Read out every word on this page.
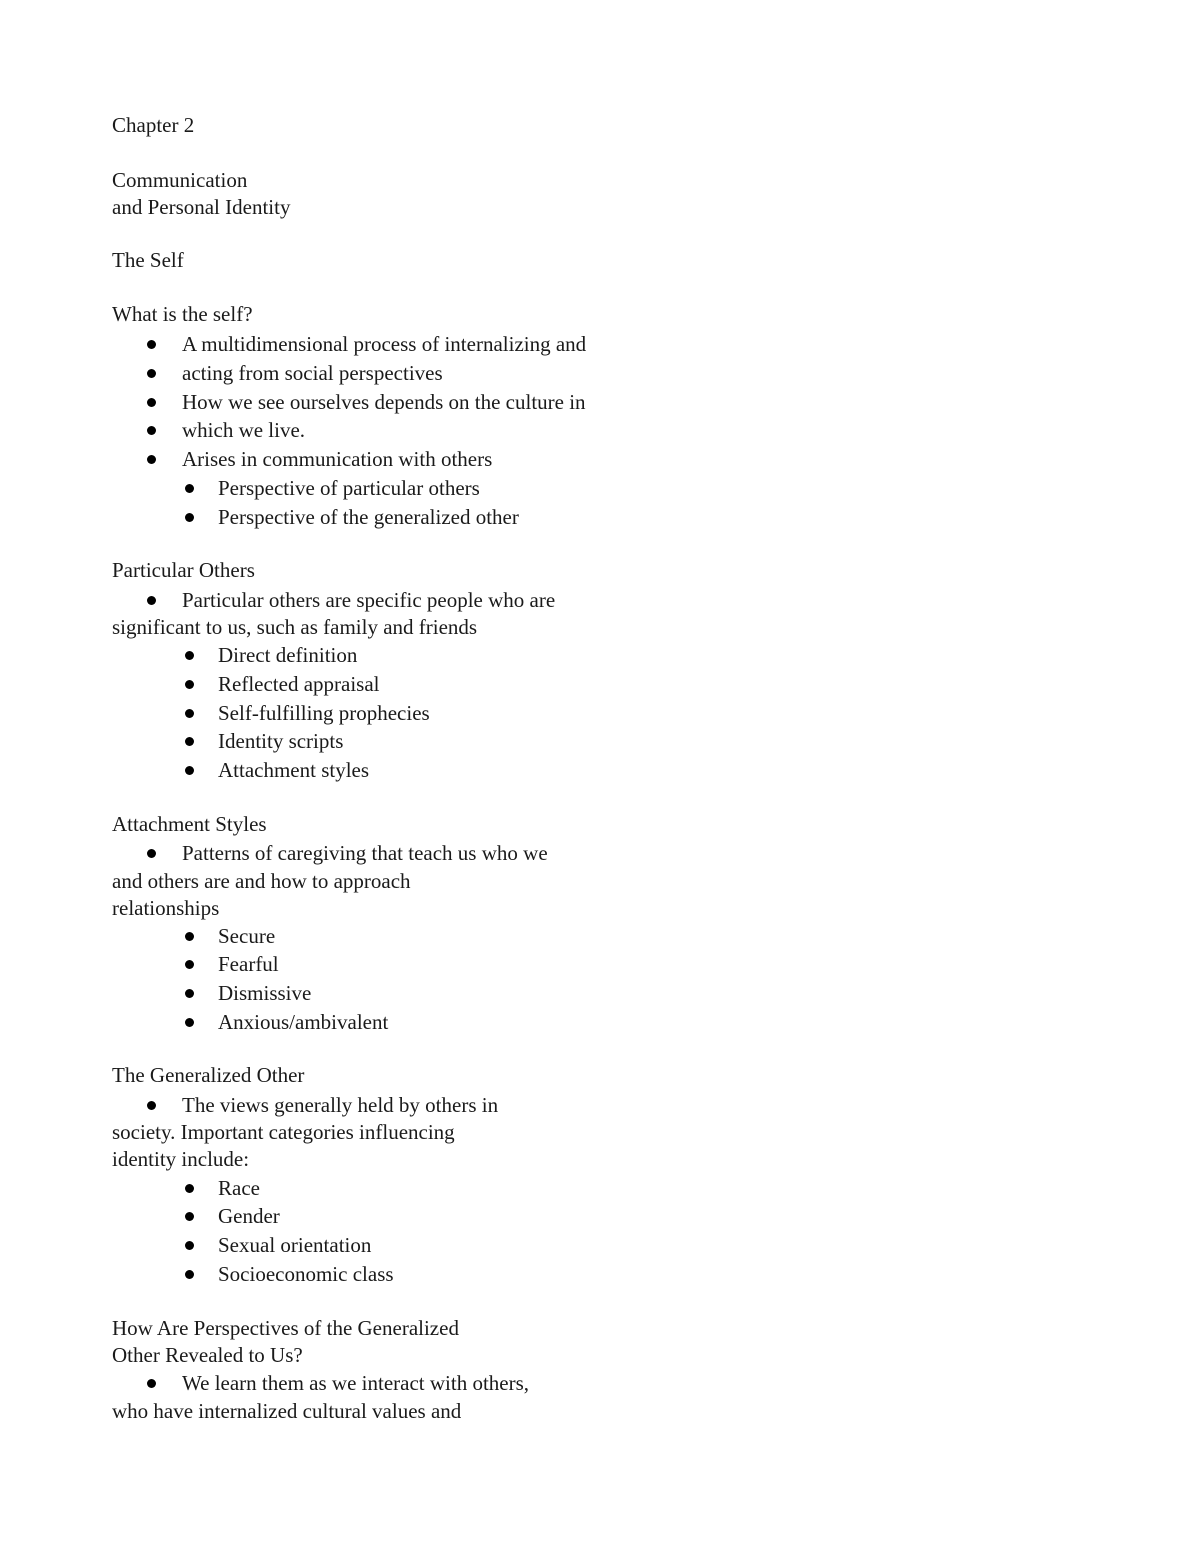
Chapter 2
Communication
and Personal Identity
The Self
What is the self?
A multidimensional process of internalizing and
acting from social perspectives
How we see ourselves depends on the culture in
which we live.
Arises in communication with others
Perspective of particular others
Perspective of the generalized other
Particular Others
Particular others are specific people who are
significant to us, such as family and friends
Direct definition
Reflected appraisal
Self-fulfilling prophecies
Identity scripts
Attachment styles
Attachment Styles
Patterns of caregiving that teach us who we
and others are and how to approach
relationships
Secure
Fearful
Dismissive
Anxious/ambivalent
The Generalized Other
The views generally held by others in
society. Important categories influencing
identity include:
Race
Gender
Sexual orientation
Socioeconomic class
How Are Perspectives of the Generalized
Other Revealed to Us?
We learn them as we interact with others,
who have internalized cultural values and
